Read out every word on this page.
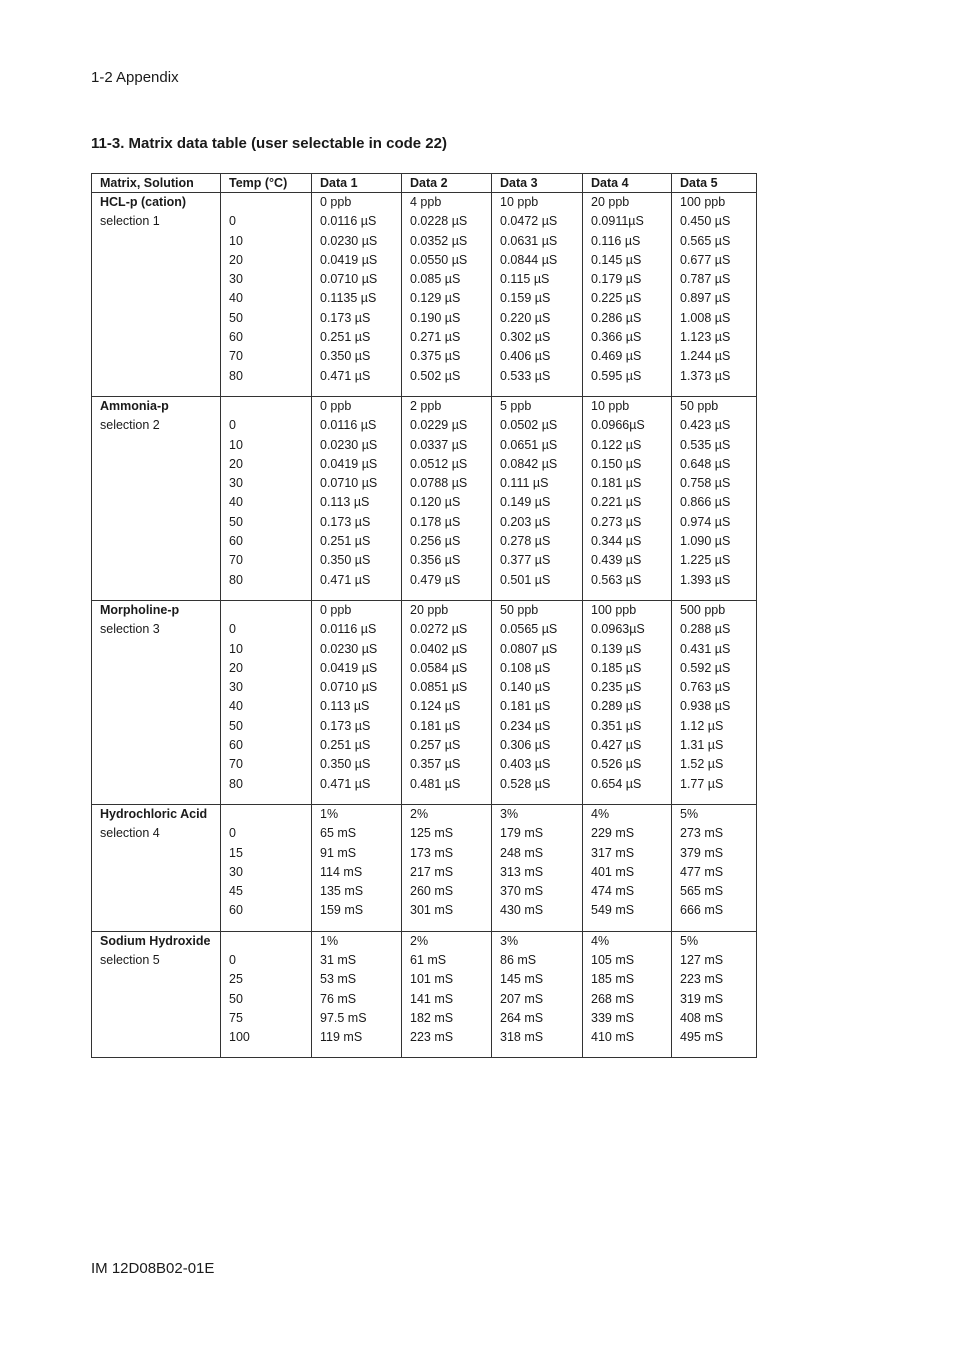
1-2 Appendix
11-3. Matrix data table (user selectable in code 22)
Matrix, Solution	Temp (°C)	Data 1	Data 2	Data 3	Data 4	Data 5
HCL-p (cation)		0 ppb	4 ppb	10 ppb	20 ppb	100 ppb
selection 1	0	0.0116 µS	0.0228 µS	0.0472 µS	0.0911µS	0.450 µS
	10	0.0230 µS	0.0352 µS	0.0631 µS	0.116 µS	0.565 µS
	20	0.0419 µS	0.0550 µS	0.0844 µS	0.145 µS	0.677 µS
	30	0.0710 µS	0.085 µS	0.115 µS	0.179 µS	0.787 µS
	40	0.1135 µS	0.129 µS	0.159 µS	0.225 µS	0.897 µS
	50	0.173 µS	0.190 µS	0.220 µS	0.286 µS	1.008 µS
	60	0.251 µS	0.271 µS	0.302 µS	0.366 µS	1.123 µS
	70	0.350 µS	0.375 µS	0.406 µS	0.469 µS	1.244 µS
	80	0.471 µS	0.502 µS	0.533 µS	0.595 µS	1.373 µS

Ammonia-p		0 ppb	2 ppb	5 ppb	10 ppb	50 ppb
selection 2	0	0.0116 µS	0.0229 µS	0.0502 µS	0.0966µS	0.423 µS
	10	0.0230 µS	0.0337 µS	0.0651 µS	0.122 µS	0.535 µS
	20	0.0419 µS	0.0512 µS	0.0842 µS	0.150 µS	0.648 µS
	30	0.0710 µS	0.0788 µS	0.111 µS	0.181 µS	0.758 µS
	40	0.113 µS	0.120 µS	0.149 µS	0.221 µS	0.866 µS
	50	0.173 µS	0.178 µS	0.203 µS	0.273 µS	0.974 µS
	60	0.251 µS	0.256 µS	0.278 µS	0.344 µS	1.090 µS
	70	0.350 µS	0.356 µS	0.377 µS	0.439 µS	1.225 µS
	80	0.471 µS	0.479 µS	0.501 µS	0.563 µS	1.393 µS

Morpholine-p		0 ppb	20 ppb	50 ppb	100 ppb	500 ppb
selection 3	0	0.0116 µS	0.0272 µS	0.0565 µS	0.0963µS	0.288 µS
	10	0.0230 µS	0.0402 µS	0.0807 µS	0.139 µS	0.431 µS
	20	0.0419 µS	0.0584 µS	0.108 µS	0.185 µS	0.592 µS
	30	0.0710 µS	0.0851 µS	0.140 µS	0.235 µS	0.763 µS
	40	0.113 µS	0.124 µS	0.181 µS	0.289 µS	0.938 µS
	50	0.173 µS	0.181 µS	0.234 µS	0.351 µS	1.12 µS
	60	0.251 µS	0.257 µS	0.306 µS	0.427 µS	1.31 µS
	70	0.350 µS	0.357 µS	0.403 µS	0.526 µS	1.52 µS
	80	0.471 µS	0.481 µS	0.528 µS	0.654 µS	1.77 µS

Hydrochloric Acid		1%	2%	3%	4%	5%
selection 4	0	65 mS	125 mS	179 mS	229 mS	273 mS
	15	91 mS	173 mS	248 mS	317 mS	379 mS
	30	114 mS	217 mS	313 mS	401 mS	477 mS
	45	135 mS	260 mS	370 mS	474 mS	565 mS
	60	159 mS	301 mS	430 mS	549 mS	666 mS

Sodium Hydroxide		1%	2%	3%	4%	5%
selection 5	0	31 mS	61 mS	86 mS	105 mS	127 mS
	25	53 mS	101 mS	145 mS	185 mS	223 mS
	50	76 mS	141 mS	207 mS	268 mS	319 mS
	75	97.5 mS	182 mS	264 mS	339 mS	408 mS
	100	119 mS	223 mS	318 mS	410 mS	495 mS

IM 12D08B02-01E
